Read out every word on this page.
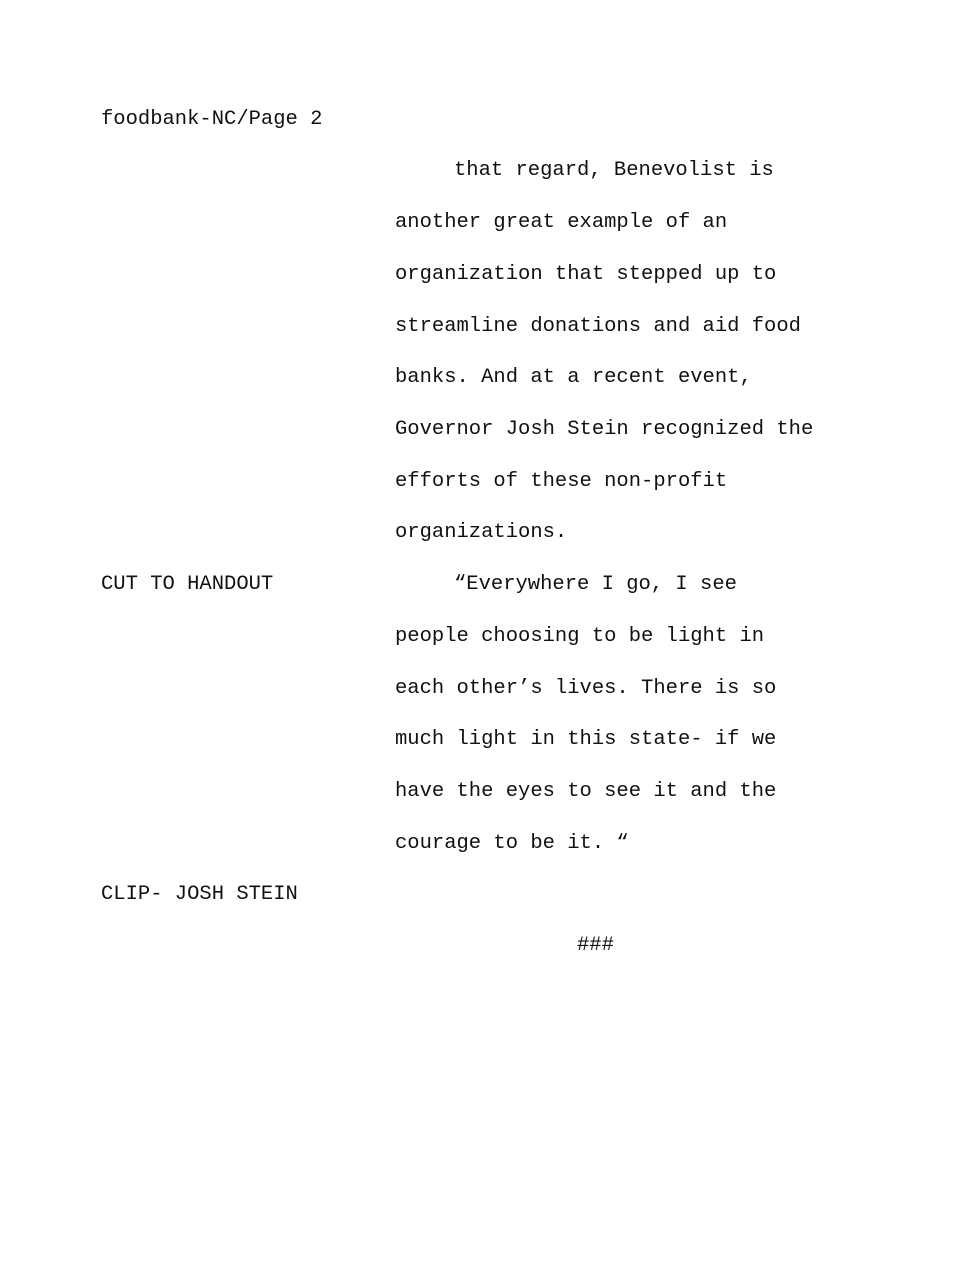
foodbank-NC/Page 2

that regard, Benevolist is

another great example of an

organization that stepped up to

streamline donations and aid food

banks. And at a recent event,

Governor Josh Stein recognized the

efforts of these non-profit

organizations.

CUT TO HANDOUT	“Everywhere I go, I see

people choosing to be light in

each other’s lives. There is so

much light in this state- if we

have the eyes to see it and the

courage to be it. “

CLIP- JOSH STEIN

###
